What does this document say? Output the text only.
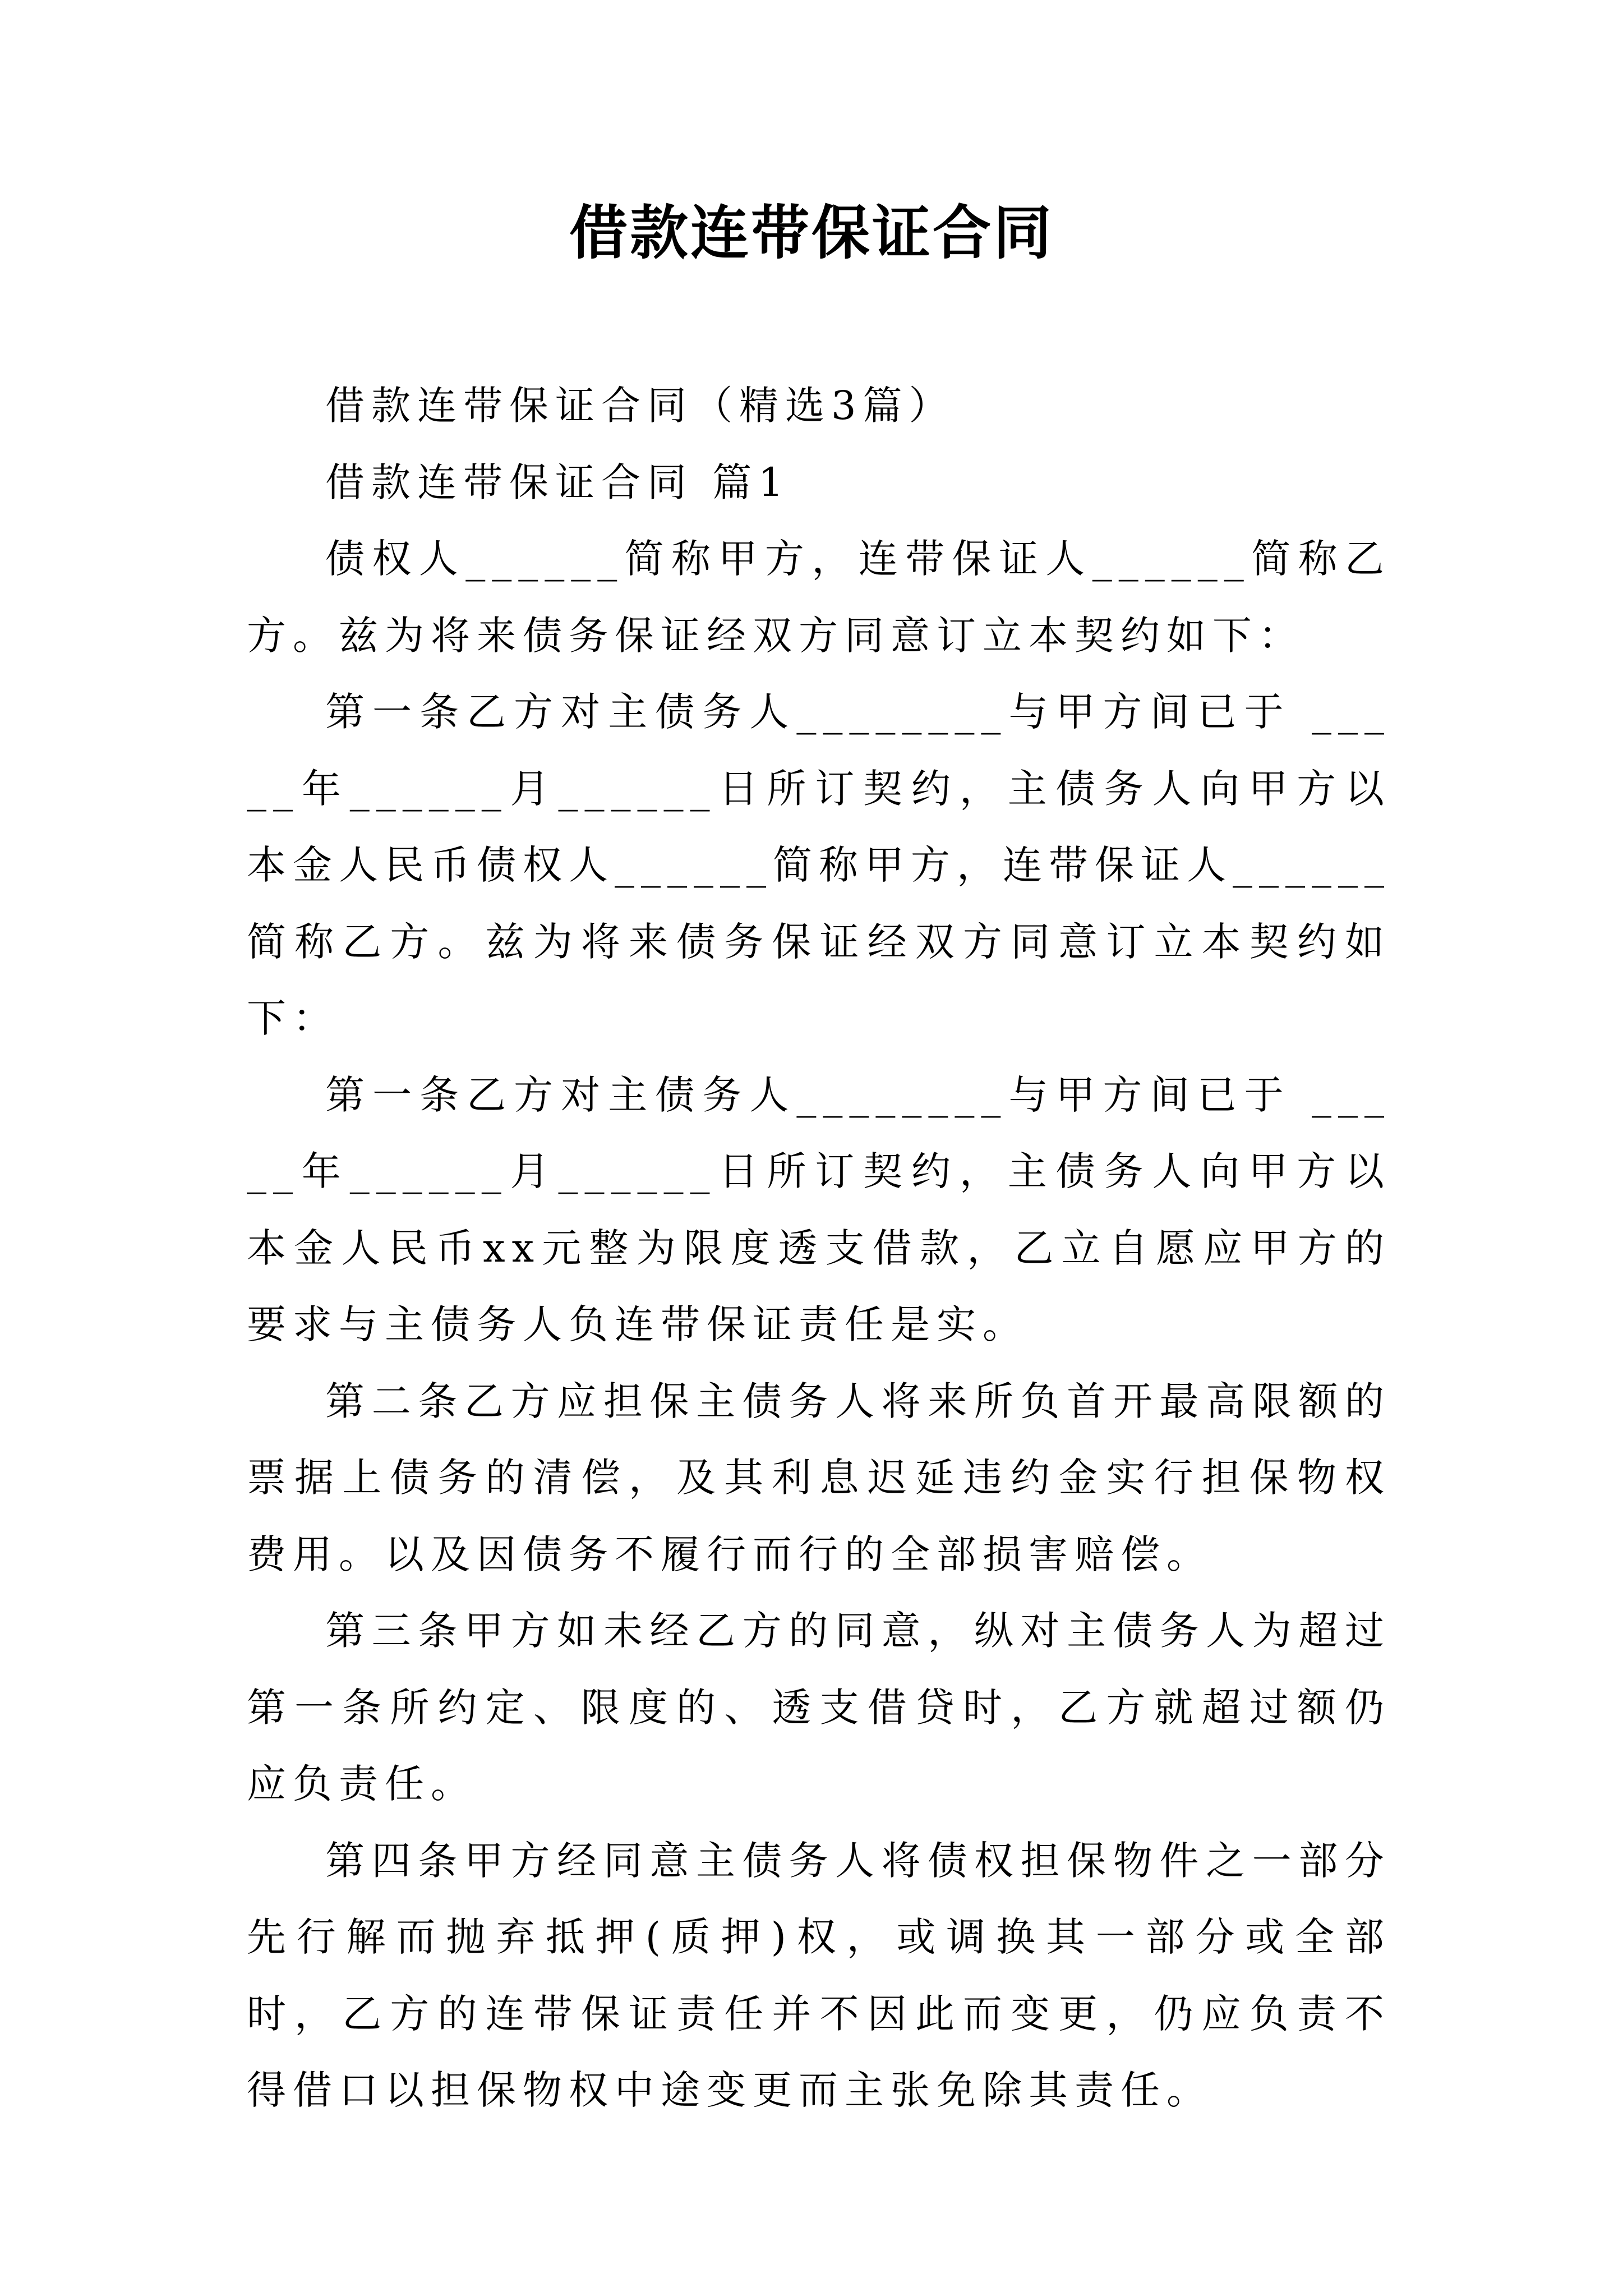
借款连带保证合同

借款连带保证合同（精选3篇）

借款连带保证合同 篇1

债权人______简称甲方，连带保证人______简称乙方。兹为将来债务保证经双方同意订立本契约如下：

第一条乙方对主债务人________与甲方间已于 _____年______月______日所订契约，主债务人向甲方以本金人民币债权人______简称甲方，连带保证人______简称乙方。兹为将来债务保证经双方同意订立本契约如下：

第一条乙方对主债务人________与甲方间已于 _____年______月______日所订契约，主债务人向甲方以本金人民币xx元整为限度透支借款，乙立自愿应甲方的要求与主债务人负连带保证责任是实。

第二条乙方应担保主债务人将来所负首开最高限额的票据上债务的清偿，及其利息迟延违约金实行担保物权费用。以及因债务不履行而行的全部损害赔偿。

第三条甲方如未经乙方的同意，纵对主债务人为超过第一条所约定、限度的、透支借贷时，乙方就超过额仍应负责任。

第四条甲方经同意主债务人将债权担保物件之一部分先行解而抛弃抵押(质押)权，或调换其一部分或全部时，乙方的连带保证责任并不因此而变更，仍应负责不得借口以担保物权中途变更而主张免除其责任。
